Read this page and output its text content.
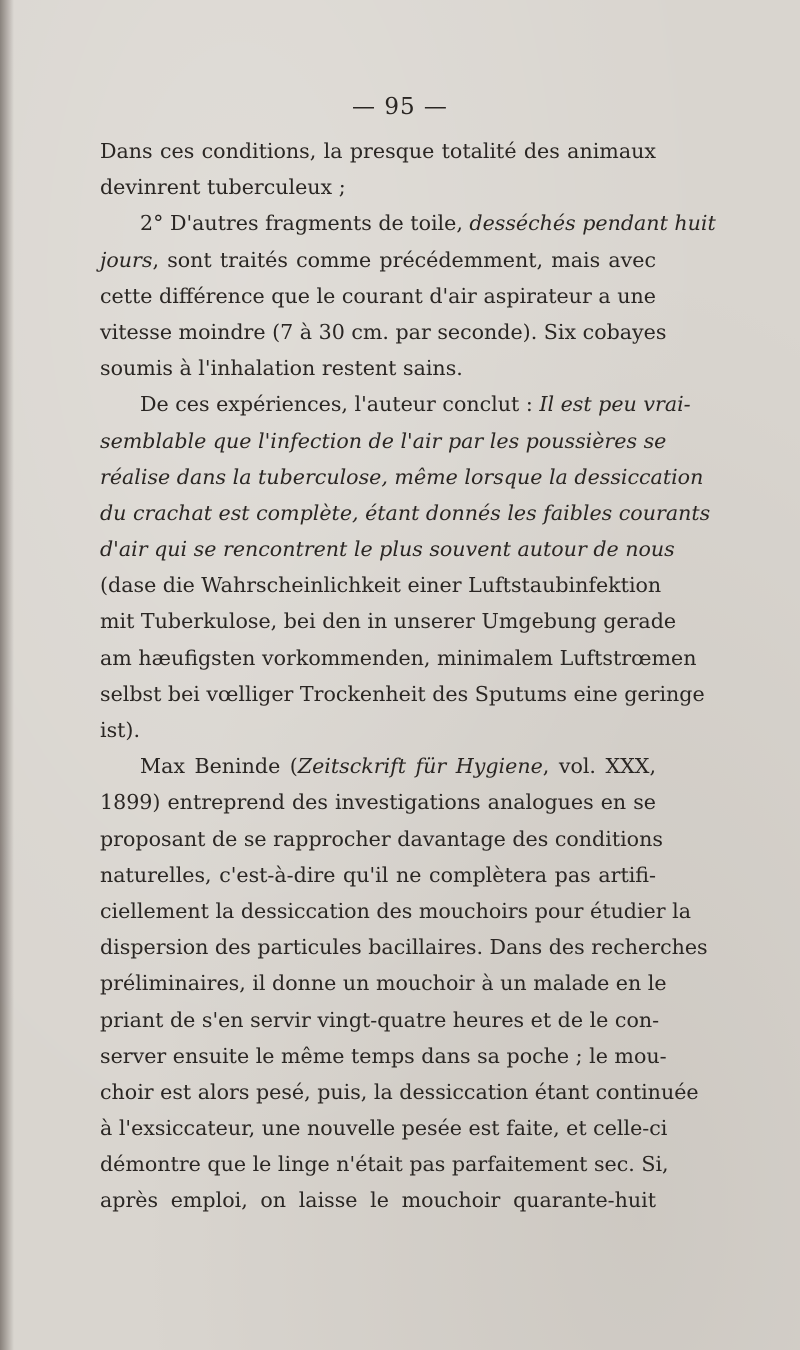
— 95 —
Dans ces conditions, la presque totalité des animaux
devinrent tuberculeux ;
2° D'autres fragments de toile, desséchés pendant huit
jours, sont traités comme précédemment, mais avec
cette différence que le courant d'air aspirateur a une
vitesse moindre (7 à 30 cm. par seconde). Six cobayes
soumis à l'inhalation restent sains.
De ces expériences, l'auteur conclut : Il est peu vrai-
semblable que l'infection de l'air par les poussières se
réalise dans la tuberculose, même lorsque la dessiccation
du crachat est complète, étant donnés les faibles courants
d'air qui se rencontrent le plus souvent autour de nous
(dase die Wahrscheinlichkeit einer Luftstaubinfektion
mit Tuberkulose, bei den in unserer Umgebung gerade
am hæufigsten vorkommenden, minimalem Luftstrœmen
selbst bei vœlliger Trockenheit des Sputums eine geringe
ist).
Max Beninde (Zeitsckrift für Hygiene, vol. XXX,
1899) entreprend des investigations analogues en se
proposant de se rapprocher davantage des conditions
naturelles, c'est-à-dire qu'il ne complètera pas artifi-
ciellement la dessiccation des mouchoirs pour étudier la
dispersion des particules bacillaires. Dans des recherches
préliminaires, il donne un mouchoir à un malade en le
priant de s'en servir vingt-quatre heures et de le con-
server ensuite le même temps dans sa poche ; le mou-
choir est alors pesé, puis, la dessiccation étant continuée
à l'exsiccateur, une nouvelle pesée est faite, et celle-ci
démontre que le linge n'était pas parfaitement sec. Si,
après emploi, on laisse le mouchoir quarante-huit
